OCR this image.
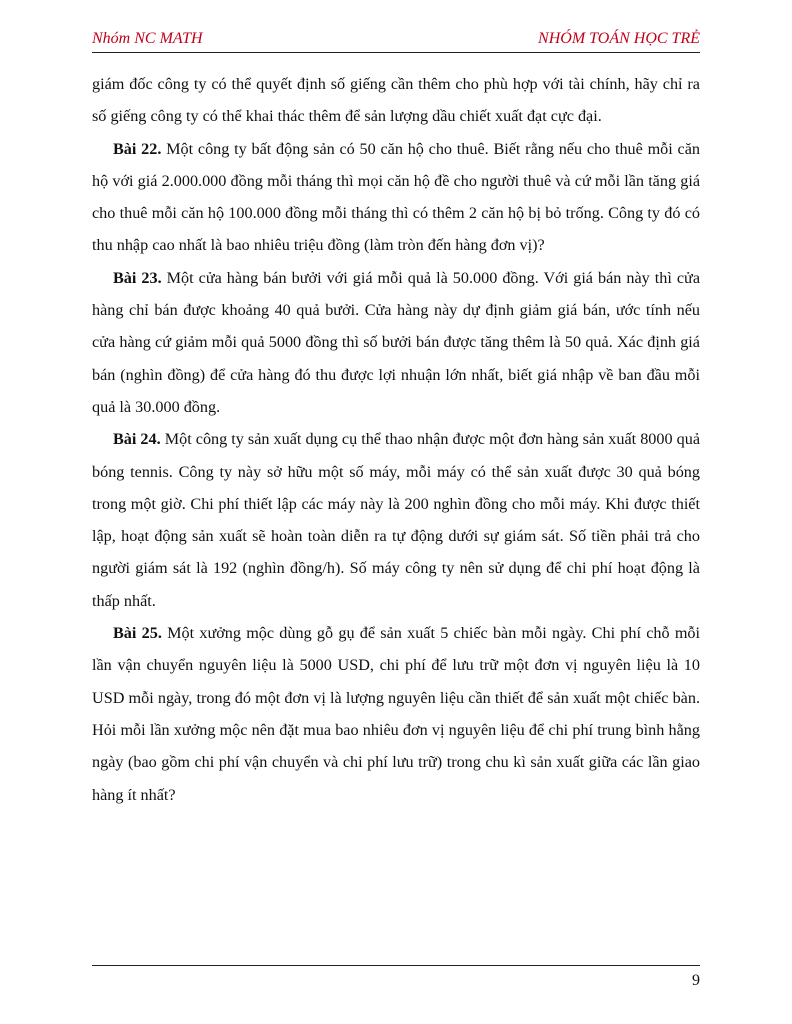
Nhóm NC MATH	NHÓM TOÁN HỌC TRẺ

giám đốc công ty có thể quyết định số giếng cần thêm cho phù hợp với tài chính, hãy chỉ ra số giếng công ty có thể khai thác thêm để sản lượng dầu chiết xuất đạt cực đại.

Bài 22. Một công ty bất động sản có 50 căn hộ cho thuê. Biết rằng nếu cho thuê mỗi căn hộ với giá 2.000.000 đồng mỗi tháng thì mọi căn hộ đề cho người thuê và cứ mỗi lần tăng giá cho thuê mỗi căn hộ 100.000 đồng mỗi tháng thì có thêm 2 căn hộ bị bỏ trống. Công ty đó có thu nhập cao nhất là bao nhiêu triệu đồng (làm tròn đến hàng đơn vị)?

Bài 23. Một cửa hàng bán bưởi với giá mỗi quả là 50.000 đồng. Với giá bán này thì cửa hàng chỉ bán được khoảng 40 quả bưởi. Cửa hàng này dự định giảm giá bán, ước tính nếu cửa hàng cứ giảm mỗi quả 5000 đồng thì số bưởi bán được tăng thêm là 50 quả. Xác định giá bán (nghìn đồng) để cửa hàng đó thu được lợi nhuận lớn nhất, biết giá nhập về ban đầu mỗi quả là 30.000 đồng.

Bài 24. Một công ty sản xuất dụng cụ thể thao nhận được một đơn hàng sản xuất 8000 quả bóng tennis. Công ty này sở hữu một số máy, mỗi máy có thể sản xuất được 30 quả bóng trong một giờ. Chi phí thiết lập các máy này là 200 nghìn đồng cho mỗi máy. Khi được thiết lập, hoạt động sản xuất sẽ hoàn toàn diễn ra tự động dưới sự giám sát. Số tiền phải trả cho người giám sát là 192 (nghìn đồng/h). Số máy công ty nên sử dụng để chi phí hoạt động là thấp nhất.

Bài 25. Một xưởng mộc dùng gỗ gụ để sản xuất 5 chiếc bàn mỗi ngày. Chi phí chỗ mỗi lần vận chuyển nguyên liệu là 5000 USD, chi phí để lưu trữ một đơn vị nguyên liệu là 10 USD mỗi ngày, trong đó một đơn vị là lượng nguyên liệu cần thiết để sản xuất một chiếc bàn. Hỏi mỗi lần xưởng mộc nên đặt mua bao nhiêu đơn vị nguyên liệu để chi phí trung bình hằng ngày (bao gồm chi phí vận chuyển và chi phí lưu trữ) trong chu kì sản xuất giữa các lần giao hàng ít nhất?

9
